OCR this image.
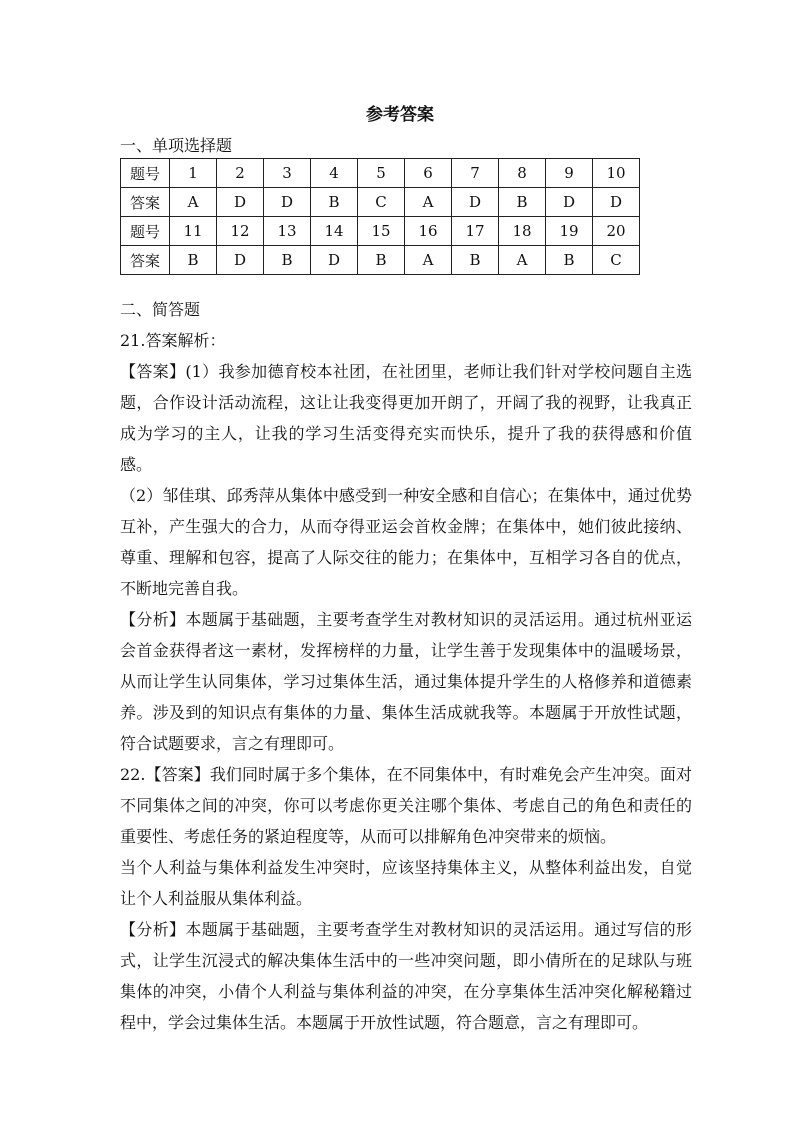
参考答案
一、单项选择题
题号	1	2	3	4	5	6	7	8	9	10
答案	A	D	D	B	C	A	D	B	D	D
题号	11	12	13	14	15	16	17	18	19	20
答案	B	D	B	D	B	A	B	A	B	C
二、简答题
21.答案解析：

【答案】(1）我参加德育校本社团，在社团里，老师让我们针对学校问题自主选题，合作设计活动流程，这让让我变得更加开朗了，开阔了我的视野，让我真正成为学习的主人，让我的学习生活变得充实而快乐，提升了我的获得感和价值感。

（2）邹佳琪、邱秀萍从集体中感受到一种安全感和自信心；在集体中，通过优势互补，产生强大的合力，从而夺得亚运会首枚金牌；在集体中，她们彼此接纳、尊重、理解和包容，提高了人际交往的能力；在集体中，互相学习各自的优点，不断地完善自我。

【分析】本题属于基础题，主要考查学生对教材知识的灵活运用。通过杭州亚运会首金获得者这一素材，发挥榜样的力量，让学生善于发现集体中的温暖场景，从而让学生认同集体，学习过集体生活，通过集体提升学生的人格修养和道德素养。涉及到的知识点有集体的力量、集体生活成就我等。本题属于开放性试题，符合试题要求，言之有理即可。

22.【答案】我们同时属于多个集体，在不同集体中，有时难免会产生冲突。面对不同集体之间的冲突，你可以考虑你更关注哪个集体、考虑自己的角色和责任的重要性、考虑任务的紧迫程度等，从而可以排解角色冲突带来的烦恼。

当个人利益与集体利益发生冲突时，应该坚持集体主义，从整体利益出发，自觉让个人利益服从集体利益。

【分析】本题属于基础题，主要考查学生对教材知识的灵活运用。通过写信的形式，让学生沉浸式的解决集体生活中的一些冲突问题，即小倩所在的足球队与班集体的冲突，小倩个人利益与集体利益的冲突，在分享集体生活冲突化解秘籍过程中，学会过集体生活。本题属于开放性试题，符合题意，言之有理即可。
